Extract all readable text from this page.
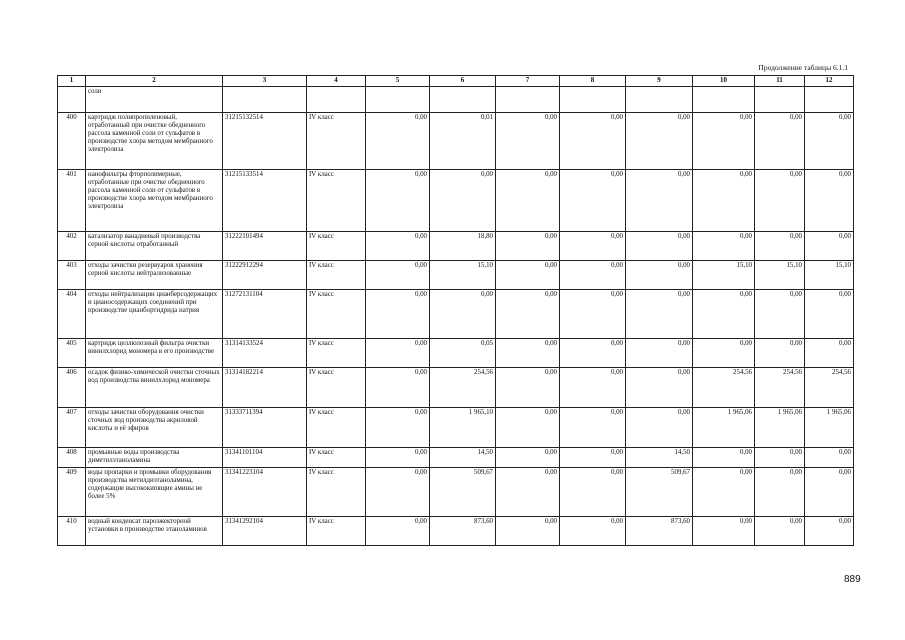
Продолжение таблицы 6.1.1
1	2	3	4	5	6	7	8	9	10	11	12
	соли										
400	картридж полипропиленовый, отработанный при очистке обедненного рассола каменной соли от сульфатов в производстве хлора методом мембранного электролиза	31215132514	IV класс	0,00	0,01	0,00	0,00	0,00	0,00	0,00	0,00
401	нанофильтры фторполимерные, отработанные при очистке обедненного рассола каменной соли от сульфатов в производстве хлора методом мембранного электролиза	31215133514	IV класс	0,00	0,00	0,00	0,00	0,00	0,00	0,00	0,00
402	катализатор ванадиевый производства серной кислоты отработанный	31222101494	IV класс	0,00	18,80	0,00	0,00	0,00	0,00	0,00	0,00
403	отходы зачистки резервуаров хранения серной кислоты нейтрализованные	31222912294	IV класс	0,00	15,10	0,00	0,00	0,00	15,10	15,10	15,10
404	отходы нейтрализации цианберсодержащих и цианосодержащих соединений при производстве цианбортидрида натрия	31272131104	IV класс	0,00	0,00	0,00	0,00	0,00	0,00	0,00	0,00
405	картридж целлюлозный фильтра очистки винилхлорид мономера в его производстве	31314133524	IV класс	0,00	0,05	0,00	0,00	0,00	0,00	0,00	0,00
406	осадок физико-химической очистки сточных вод производства винилхлорид мономера	31314182214	IV класс	0,00	254,56	0,00	0,00	0,00	254,56	254,56	254,56
407	отходы зачистки оборудования очистки сточных вод производства акриловой кислоты и её эфиров	31333711394	IV класс	0,00	1 965,10	0,00	0,00	0,00	1 965,06	1 965,06	1 965,06
408	промывные воды производства диметилэтаноламина	31341101104	IV класс	0,00	14,50	0,00	0,00	14,50	0,00	0,00	0,00
409	воды пропарки и промывки оборудования производства метилдиэтаноламина, содержащие высококипящие амины не более 5%	31341223104	IV класс	0,00	509,67	0,00	0,00	509,67	0,00	0,00	0,00
410	водный конденсат пароэжекторной установки в производстве этаноламинов	31341292104	IV класс	0,00	873,60	0,00	0,00	873,60	0,00	0,00	0,00
889
